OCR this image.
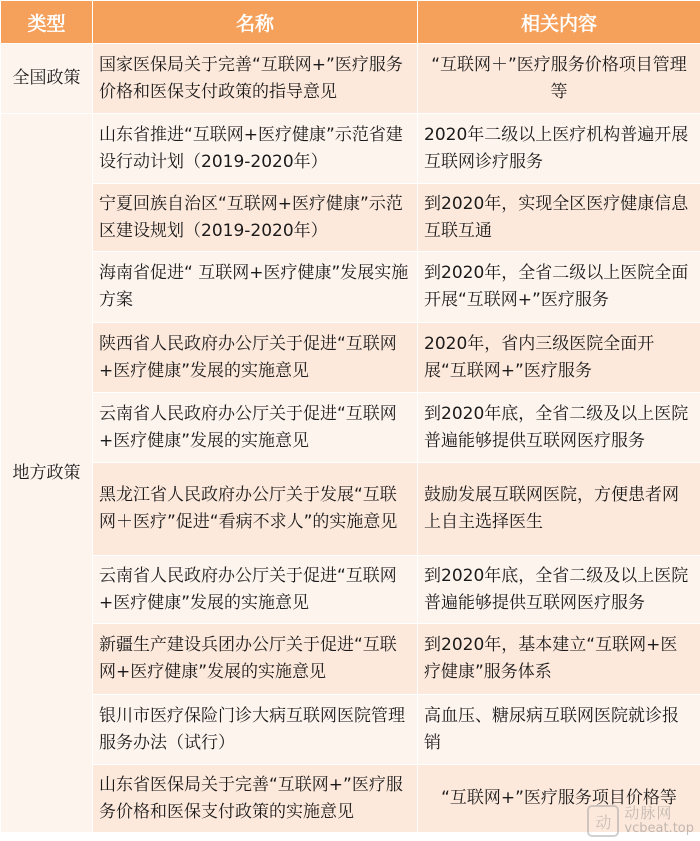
类型	名称	相关内容
全国政策	国家医保局关于完善“互联网+”医疗服务价格和医保支付政策的指导意见	“互联网＋”医疗服务价格项目管理等
地方政策	山东省推进“互联网+医疗健康”示范省建设行动计划（2019-2020年）	2020年二级以上医疗机构普遍开展互联网诊疗服务
	宁夏回族自治区“互联网+医疗健康”示范区建设规划（2019-2020年）	到2020年，实现全区医疗健康信息互联互通
	海南省促进“ 互联网+医疗健康”发展实施方案	到2020年，全省二级以上医院全面开展“互联网+”医疗服务
	陕西省人民政府办公厅关于促进“互联网+医疗健康”发展的实施意见	2020年，省内三级医院全面开展“互联网+”医疗服务
	云南省人民政府办公厅关于促进“互联网+医疗健康”发展的实施意见	到2020年底，全省二级及以上医院普遍能够提供互联网医疗服务
	黑龙江省人民政府办公厅关于发展“互联网＋医疗”促进“看病不求人”的实施意见	鼓励发展互联网医院，方便患者网上自主选择医生
	云南省人民政府办公厅关于促进“互联网+医疗健康”发展的实施意见	到2020年底，全省二级及以上医院普遍能够提供互联网医疗服务
	新疆生产建设兵团办公厅关于促进“互联网+医疗健康”发展的实施意见	到2020年，基本建立“互联网+医疗健康”服务体系
	银川市医疗保险门诊大病互联网医院管理服务办法（试行）	高血压、糖尿病互联网医院就诊报销
	山东省医保局关于完善“互联网+”医疗服务价格和医保支付政策的实施意见	“互联网+”医疗服务项目价格等
动 动脉网
vcbeat.top
